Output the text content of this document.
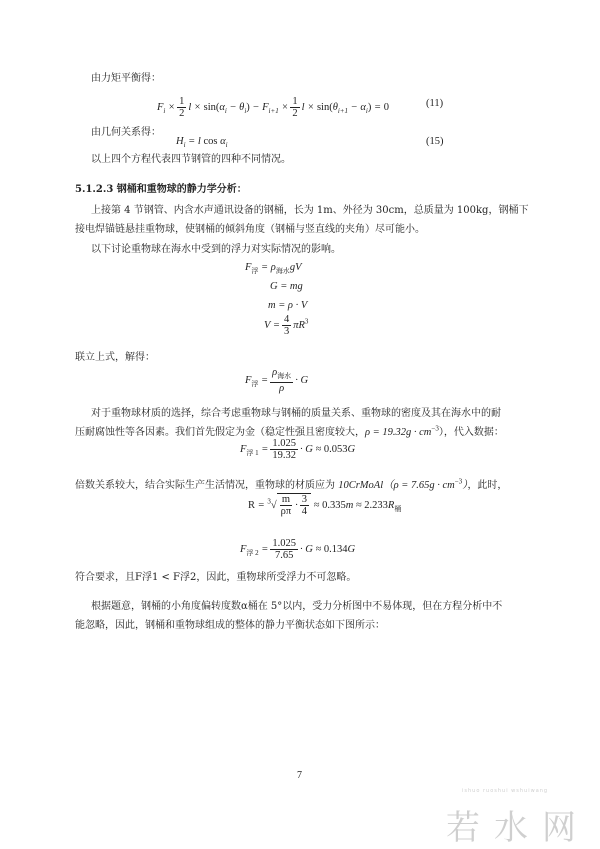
由力矩平衡得：
$F_i \times \frac{1}{2}$ $l \times \sin(\alpha_i - \theta_i) - F_{i+1} \times \frac{1}{2}$ $l \times \sin(\theta_{i+1} - \alpha_i) = 0$	(11)
由几何关系得：
$H_i = l$ $\cos \alpha_i$	(15)
以上四个方程代表四节钢管的四种不同情况。
5.1.2.3 钢桶和重物球的静力学分析：
上接第 4 节钢管、内含水声通讯设备的钢桶，长为 1m、外径为 30cm，总质量为 100kg，钢桶下
接电焊锚链悬挂重物球，使钢桶的倾斜角度（钢桶与竖直线的夹角）尽可能小。
以下讨论重物球在海水中受到的浮力对实际情况的影响。
$F_浮 = \rho_{海水}gV$
G = mg
m = ρ · V
$V = \frac{4}{3} \pi R^3$
联立上式，解得：
$F_浮 = \frac{\rho_{海水}}{\rho} \cdot G$
对于重物球材质的选择，综合考虑重物球与钢桶的质量关系、重物球的密度及其在海水中的耐
压耐腐蚀性等各因素。我们首先假定为金（稳定性强且密度较大，$\rho = 19.32g \cdot cm^{-3}$），代入数据：
$F_{浮 1} = \frac{1.025}{19.32} \cdot G \approx 0.053G$
倍数关系较大，结合实际生产生活情况，重物球的材质应为 10CrMoAl（ρ = $7.65g \cdot cm^{-3}$），此时，
$R = ^3√ \frac{m}{\rho\pi} \cdot \frac{3}{4} \approx 0.335m \approx 2.233R_桶$
$F_{浮 2} = \frac{1.025}{7.65} \cdot G \approx 0.134G$
符合要求，且F浮1 < F浮2，因此，重物球所受浮力不可忽略。
根据题意，钢桶的小角度偏转度数α桶在 5°以内，受力分析图中不易体现，但在方程分析中不
能忽略，因此，钢桶和重物球组成的整体的静力平衡状态如下图所示：
7
若水网
ishuo ruoshui wshuiwang
